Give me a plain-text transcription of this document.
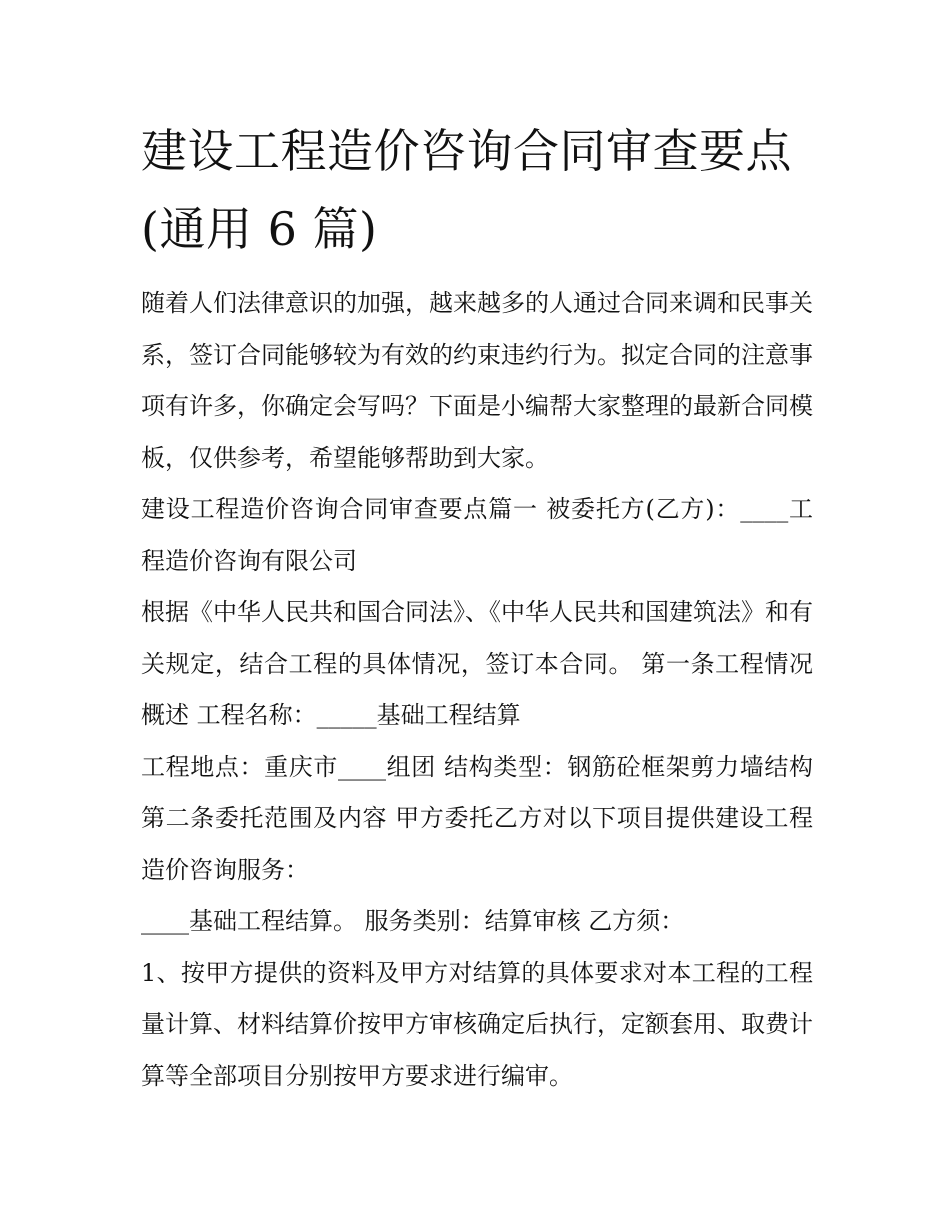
建设工程造价咨询合同审查要点(通用 6 篇)

随着人们法律意识的加强，越来越多的人通过合同来调和民事关系，签订合同能够较为有效的约束违约行为。拟定合同的注意事项有许多，你确定会写吗？下面是小编帮大家整理的最新合同模板，仅供参考，希望能够帮助到大家。

建设工程造价咨询合同审查要点篇一 被委托方(乙方)：____工程造价咨询有限公司

根据《中华人民共和国合同法》、《中华人民共和国建筑法》和有关规定，结合工程的具体情况，签订本合同。 第一条工程情况概述 工程名称：_____基础工程结算

工程地点：重庆市____组团 结构类型：钢筋砼框架剪力墙结构 第二条委托范围及内容 甲方委托乙方对以下项目提供建设工程造价咨询服务：

____基础工程结算。 服务类别：结算审核 乙方须：

1、按甲方提供的资料及甲方对结算的具体要求对本工程的工程量计算、材料结算价按甲方审核确定后执行，定额套用、取费计算等全部项目分别按甲方要求进行编审。
